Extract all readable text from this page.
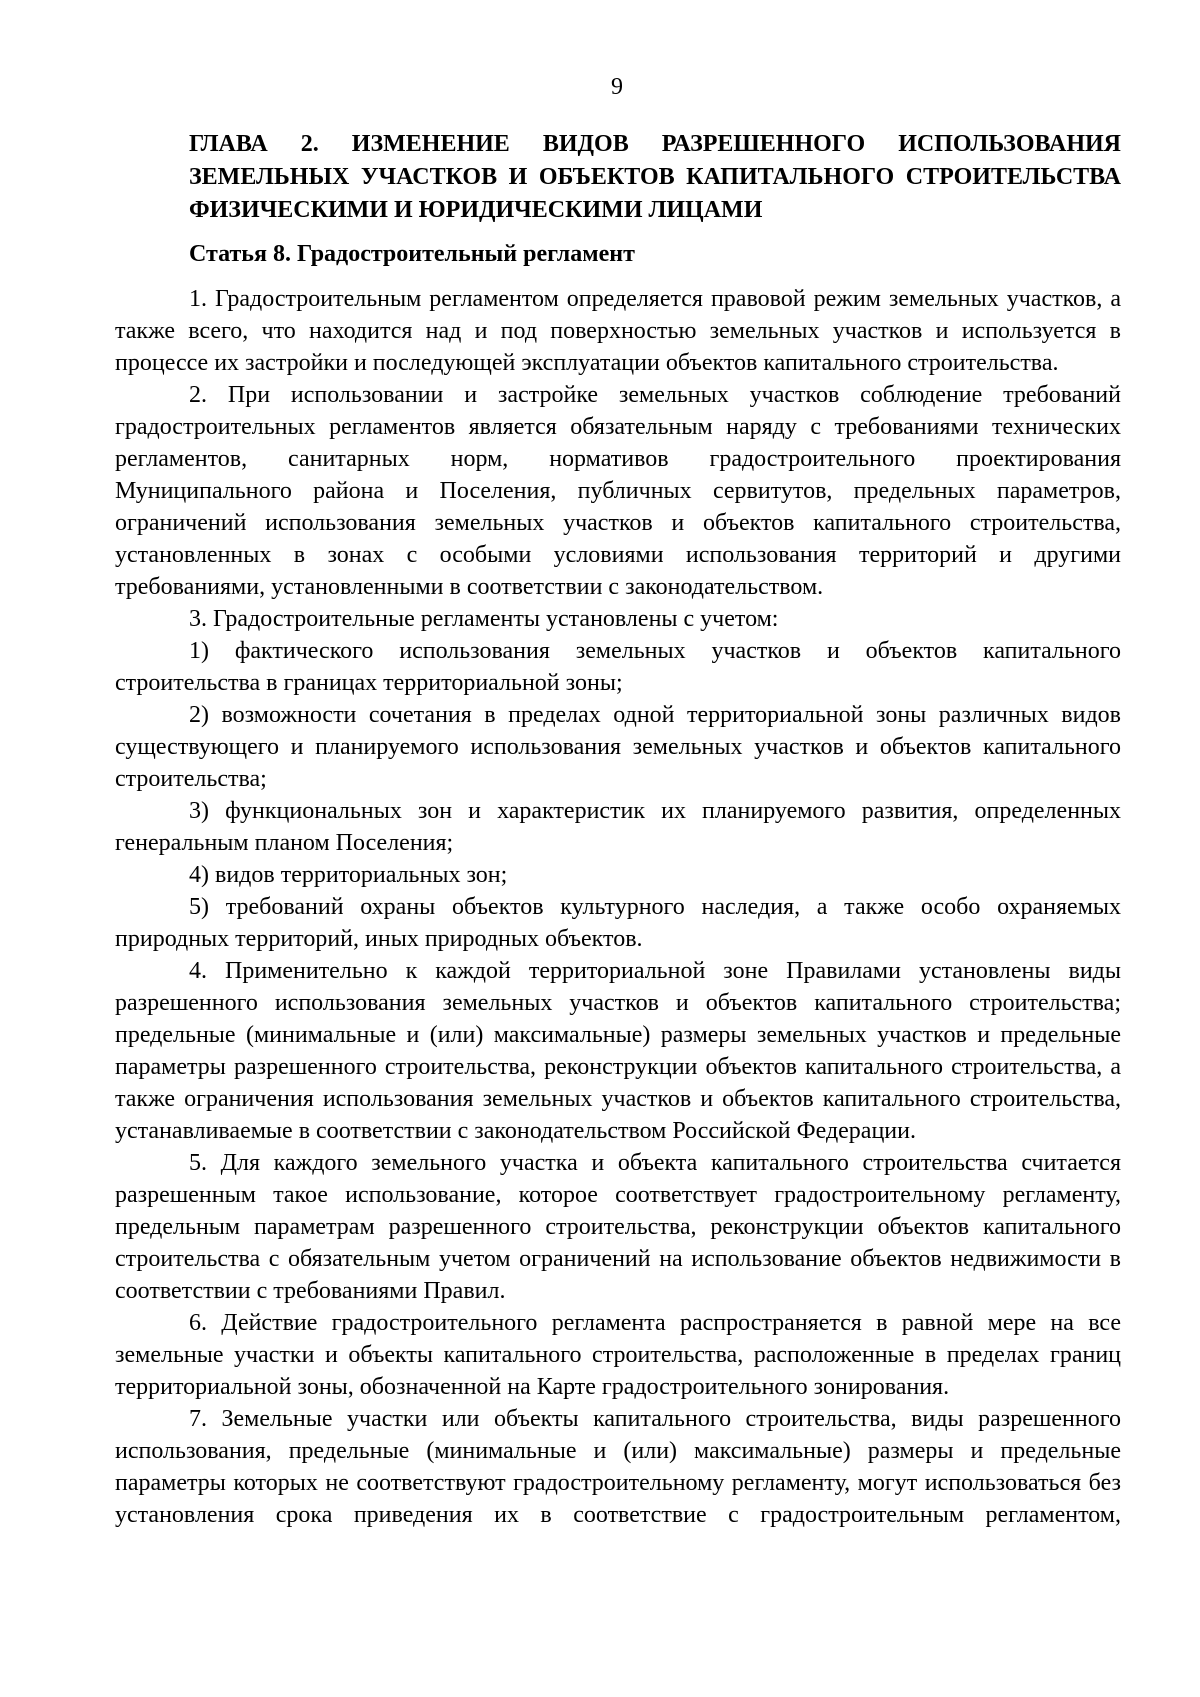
9
ГЛАВА 2. ИЗМЕНЕНИЕ ВИДОВ РАЗРЕШЕННОГО ИСПОЛЬЗОВАНИЯ ЗЕМЕЛЬНЫХ УЧАСТКОВ И ОБЪЕКТОВ КАПИТАЛЬНОГО СТРОИТЕЛЬСТВА ФИЗИЧЕСКИМИ И ЮРИДИЧЕСКИМИ ЛИЦАМИ
Статья 8. Градостроительный регламент

1. Градостроительным регламентом определяется правовой режим земельных участков, а также всего, что находится над и под поверхностью земельных участков и используется в процессе их застройки и последующей эксплуатации объектов капитального строительства.

2. При использовании и застройке земельных участков соблюдение требований градостроительных регламентов является обязательным наряду с требованиями технических регламентов, санитарных норм, нормативов градостроительного проектирования Муниципального района и Поселения, публичных сервитутов, предельных параметров, ограничений использования земельных участков и объектов капитального строительства, установленных в зонах с особыми условиями использования территорий и другими требованиями, установленными в соответствии с законодательством.

3. Градостроительные регламенты установлены с учетом:

1) фактического использования земельных участков и объектов капитального строительства в границах территориальной зоны;

2) возможности сочетания в пределах одной территориальной зоны различных видов существующего и планируемого использования земельных участков и объектов капитального строительства;

3) функциональных зон и характеристик их планируемого развития, определенных генеральным планом Поселения;

4) видов территориальных зон;

5) требований охраны объектов культурного наследия, а также особо охраняемых природных территорий, иных природных объектов.

4. Применительно к каждой территориальной зоне Правилами установлены виды разрешенного использования земельных участков и объектов капитального строительства; предельные (минимальные и (или) максимальные) размеры земельных участков и предельные параметры разрешенного строительства, реконструкции объектов капитального строительства, а также ограничения использования земельных участков и объектов капитального строительства, устанавливаемые в соответствии с законодательством Российской Федерации.

5. Для каждого земельного участка и объекта капитального строительства считается разрешенным такое использование, которое соответствует градостроительному регламенту, предельным параметрам разрешенного строительства, реконструкции объектов капитального строительства с обязательным учетом ограничений на использование объектов недвижимости в соответствии с требованиями Правил.

6. Действие градостроительного регламента распространяется в равной мере на все земельные участки и объекты капитального строительства, расположенные в пределах границ территориальной зоны, обозначенной на Карте градостроительного зонирования.

7. Земельные участки или объекты капитального строительства, виды разрешенного использования, предельные (минимальные и (или) максимальные) размеры и предельные параметры которых не соответствуют градостроительному регламенту, могут использоваться без установления срока приведения их в соответствие с градостроительным регламентом,
